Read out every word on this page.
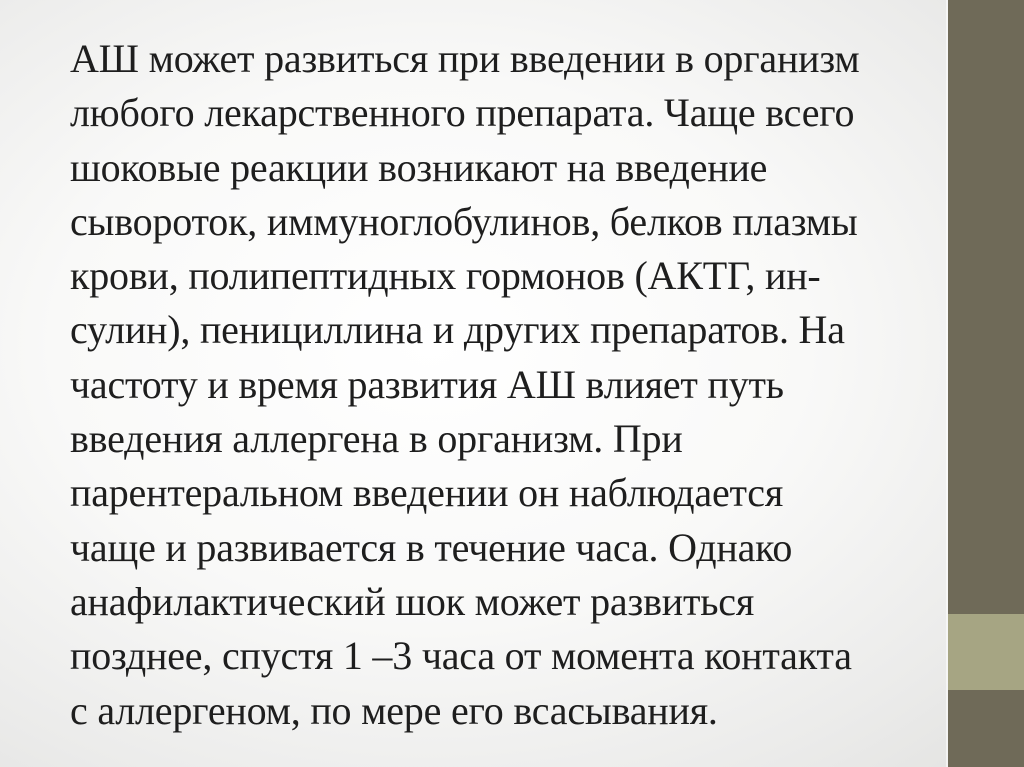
АШ может развиться при введении в организм
любого лекарственного препарата. Чаще всего
шоковые реакции возникают на введение
сывороток, иммуноглобулинов, белков плазмы
крови, полипептидных гормонов (АКТГ, ин-
сулин), пенициллина и других препаратов. На
частоту и время развития АШ влияет путь
введения аллергена в организм. При
парентеральном введении он наблюдается
чаще и развивается в течение часа. Однако
анафилактический шок может развиться
позднее, спустя 1 –3 часа от момента контакта
с аллергеном, по мере его всасывания.
